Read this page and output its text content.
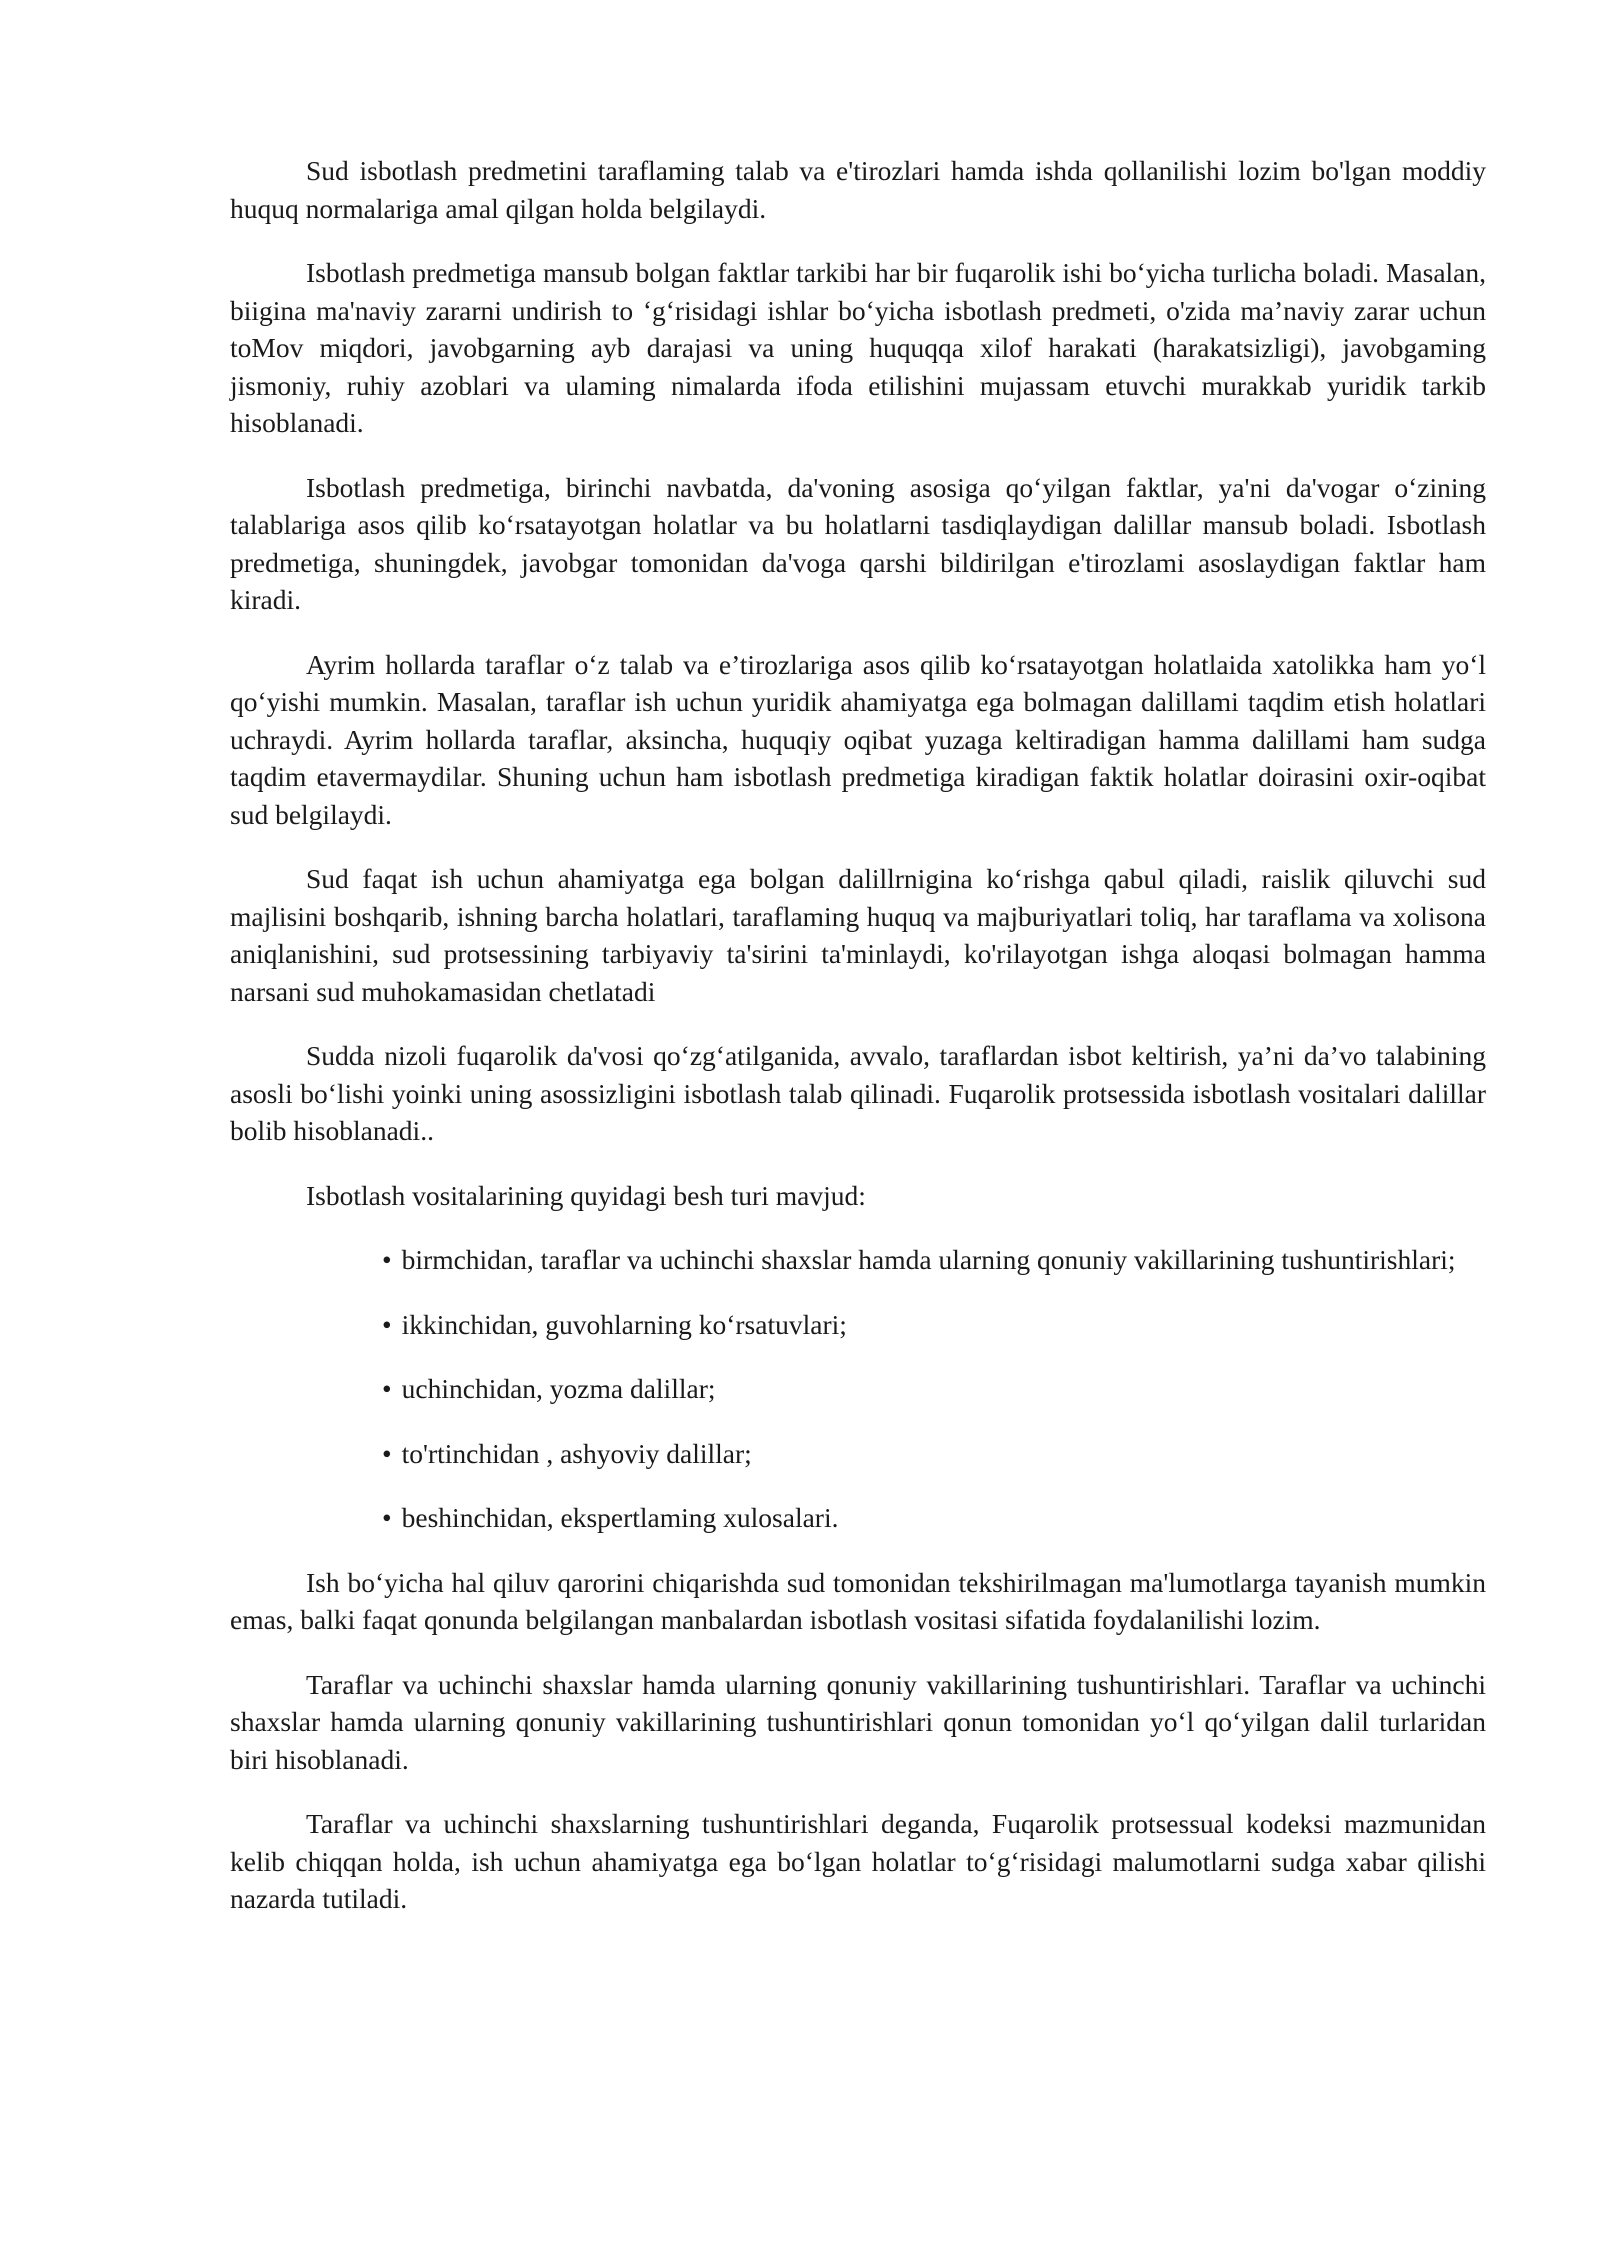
Sud isbotlash predmetini taraflaming talab va e'tirozlari hamda ishda qollanilishi lozim bo'lgan moddiy huquq normalariga amal qilgan holda belgilaydi.

Isbotlash predmetiga mansub bolgan faktlar tarkibi har bir fuqarolik ishi bo‘yicha turlicha boladi. Masalan, biigina ma'naviy zararni undirish to ‘g‘risidagi ishlar bo‘yicha isbotlash predmeti, o'zida ma’naviy zarar uchun toMov miqdori, javobgarning ayb darajasi va uning huquqqa xilof harakati (harakatsizligi), javobgaming jismoniy, ruhiy azoblari va ulaming nimalarda ifoda etilishini mujassam etuvchi murakkab yuridik tarkib hisoblanadi.

Isbotlash predmetiga, birinchi navbatda, da'voning asosiga qo‘yilgan faktlar, ya'ni da'vogar o‘zining talablariga asos qilib ko‘rsatayotgan holatlar va bu holatlarni tasdiqlaydigan dalillar mansub boladi. Isbotlash predmetiga, shuningdek, javobgar tomonidan da'voga qarshi bildirilgan e'tirozlami asoslaydigan faktlar ham kiradi.

Ayrim hollarda taraflar o‘z talab va e’tirozlariga asos qilib ko‘rsatayotgan holatlaida xatolikka ham yo‘l qo‘yishi mumkin. Masalan, taraflar ish uchun yuridik ahamiyatga ega bolmagan dalillami taqdim etish holatlari uchraydi. Ayrim hollarda taraflar, aksincha, huquqiy oqibat yuzaga keltiradigan hamma dalillami ham sudga taqdim etavermaydilar. Shuning uchun ham isbotlash predmetiga kiradigan faktik holatlar doirasini oxir-oqibat sud belgilaydi.

Sud faqat ish uchun ahamiyatga ega bolgan dalillrnigina ko‘rishga qabul qiladi, raislik qiluvchi sud majlisini boshqarib, ishning barcha holatlari, taraflaming huquq va majburiyatlari toliq, har taraflama va xolisona aniqlanishini, sud protsessining tarbiyaviy ta'sirini ta'minlaydi, ko'rilayotgan ishga aloqasi bolmagan hamma narsani sud muhokamasidan chetlatadi

Sudda nizoli fuqarolik da'vosi qo‘zg‘atilganida, avvalo, taraflardan isbot keltirish, ya’ni da’vo talabining asosli bo‘lishi yoinki uning asossizligini isbotlash talab qilinadi. Fuqarolik protsessida isbotlash vositalari dalillar bolib hisoblanadi..

Isbotlash vositalarining quyidagi besh turi mavjud:

• birmchidan, taraflar va uchinchi shaxslar hamda ularning qonuniy vakillarining tushuntirishlari;

• ikkinchidan, guvohlarning ko‘rsatuvlari;

• uchinchidan, yozma dalillar;

• to'rtinchidan , ashyoviy dalillar;

• beshinchidan, ekspertlaming xulosalari.

Ish bo‘yicha hal qiluv qarorini chiqarishda sud tomonidan tekshirilmagan ma'lumotlarga tayanish mumkin emas, balki faqat qonunda belgilangan manbalardan isbotlash vositasi sifatida foydalanilishi lozim.

Taraflar va uchinchi shaxslar hamda ularning qonuniy vakillarining tushuntirishlari. Taraflar va uchinchi shaxslar hamda ularning qonuniy vakillarining tushuntirishlari qonun tomonidan yo‘l qo‘yilgan dalil turlaridan biri hisoblanadi.

Taraflar va uchinchi shaxslarning tushuntirishlari deganda, Fuqarolik protsessual kodeksi mazmunidan kelib chiqqan holda, ish uchun ahamiyatga ega bo‘lgan holatlar to‘g‘risidagi malumotlarni sudga xabar qilishi nazarda tutiladi.
